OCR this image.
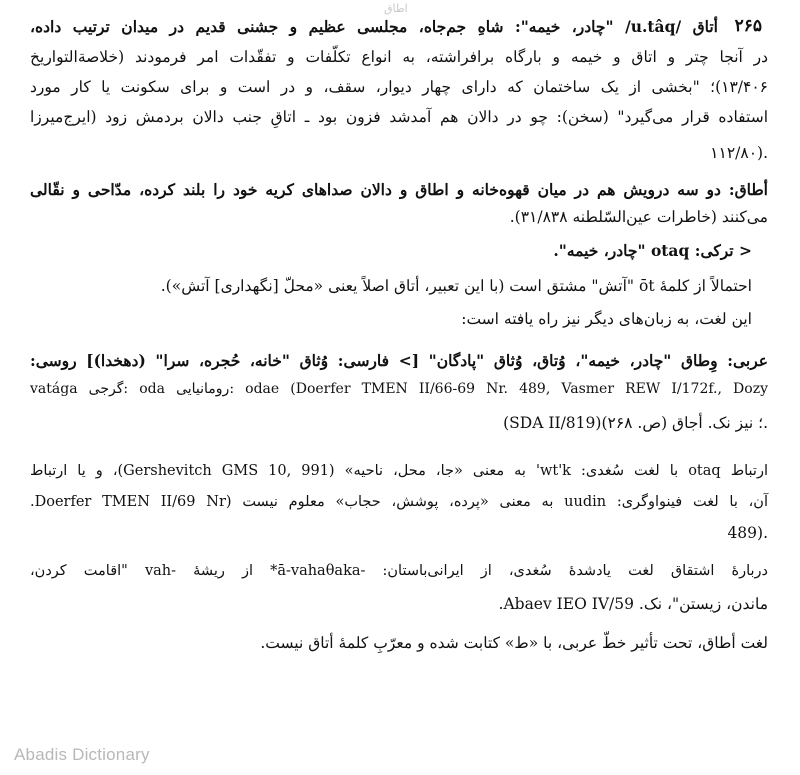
اطاق
۲۶۵
أتاق /u.tâq/ "چادر، خیمه": شاهِ جم‌جاه، مجلسی عظیم و جشنی قدیم در میدان ترتیب داده،
در آنجا چتر و اتاق و خیمه و بارگاه برافراشته، به انواع تکلّفات و تفقّدات امر فرمودند (خلاصة‌التواریخ
۱۳/۴۰۶)؛ "بخشی از یک ساختمان که دارای چهار دیوار، سقف، و در است و برای سکونت یا کار مورد
استفاده قرار می‌گیرد" (سخن): چو در دالان هم آمدشد فزون بود ـ اتاقِ جنب دالان بردمش زود (ایرج‌میرزا
۱۱۲/۸۰).
أطاق: دو سه درویش هم در میان قهوه‌خانه و اطاق و دالان صداهای کریه خود را بلند کرده، مدّاحی و نقّالی
می‌کنند (خاطرات عین‌السّلطنه ۳۱/۸۳۸).
< ترکی: otaq "چادر، خیمه".
احتمالاً از کلمهٔ ōt "آتش" مشتق است (با این تعبیر، أتاق اصلاً یعنی «محلّ [نگهداری] آتش»).
این لغت، به زبان‌های دیگر نیز راه یافته است:
عربی: وِطاق "چادر، خیمه"، وُتاق، وُثاق "پادگان" [> فارسی: وُثاق "خانه، حُجره، سرا" (دهخدا)] روسی:
vatága گرجی: oda رومانیایی: odae (Doerfer TMEN II/66-69 Nr. 489, Vasmer REW I/172f., Dozy
(SDA II/819)؛ نیز نک. أجاق (ص. ۲۶۸).
ارتباط otaq با لغت سُغدی: wt'k' به معنی «جا، محل، ناحیه» (Gershevitch GMS 10, 991)، و یا ارتباط
آن، با لغت فینواوگری: uudin به معنی «پرده، پوشش، حجاب» معلوم نیست (Doerfer TMEN II/69 Nr.
489).
دربارهٔ اشتقاق لغت یادشدهٔ سُغدی، از ایرانی‌باستان: -ā-vahaθaka* از ریشهٔ -vah "اقامت کردن،
ماندن، زیستن"، نک. Abaev IEO IV/59.
لغت أطاق، تحت تأثیر خطّ عربی، با «ط» کتابت شده و معرّبِ کلمهٔ أتاق نیست.
Abadis Dictionary
